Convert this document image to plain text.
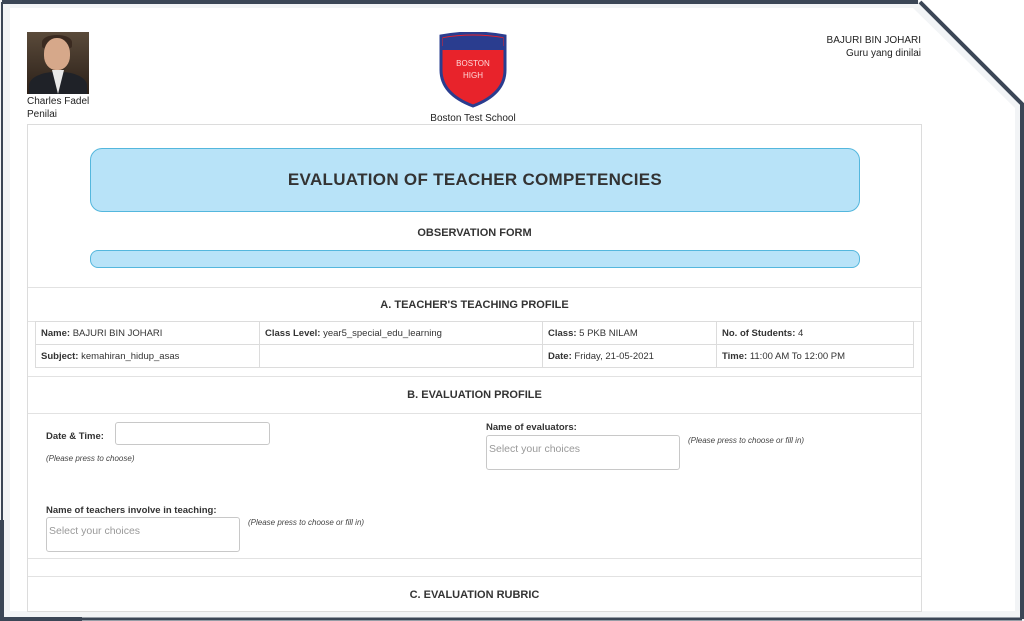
Charles Fadel
Penilai
BOSTON
HIGH
Boston Test School
BAJURI BIN JOHARI
Guru yang dinilai
EVALUATION OF TEACHER COMPETENCIES
OBSERVATION FORM
A. TEACHER'S TEACHING PROFILE
Name: BAJURI BIN JOHARI	Class Level: year5_special_edu_learning	Class: 5 PKB NILAM	No. of Students: 4
Subject: kemahiran_hidup_asas		Date: Friday, 21-05-2021	Time: 11:00 AM To 12:00 PM
B. EVALUATION PROFILE
Date & Time:
(Please press to choose)
Name of evaluators:
Select your choices
(Please press to choose or fill in)
Name of teachers involve in teaching:
Select your choices
(Please press to choose or fill in)
C. EVALUATION RUBRIC
